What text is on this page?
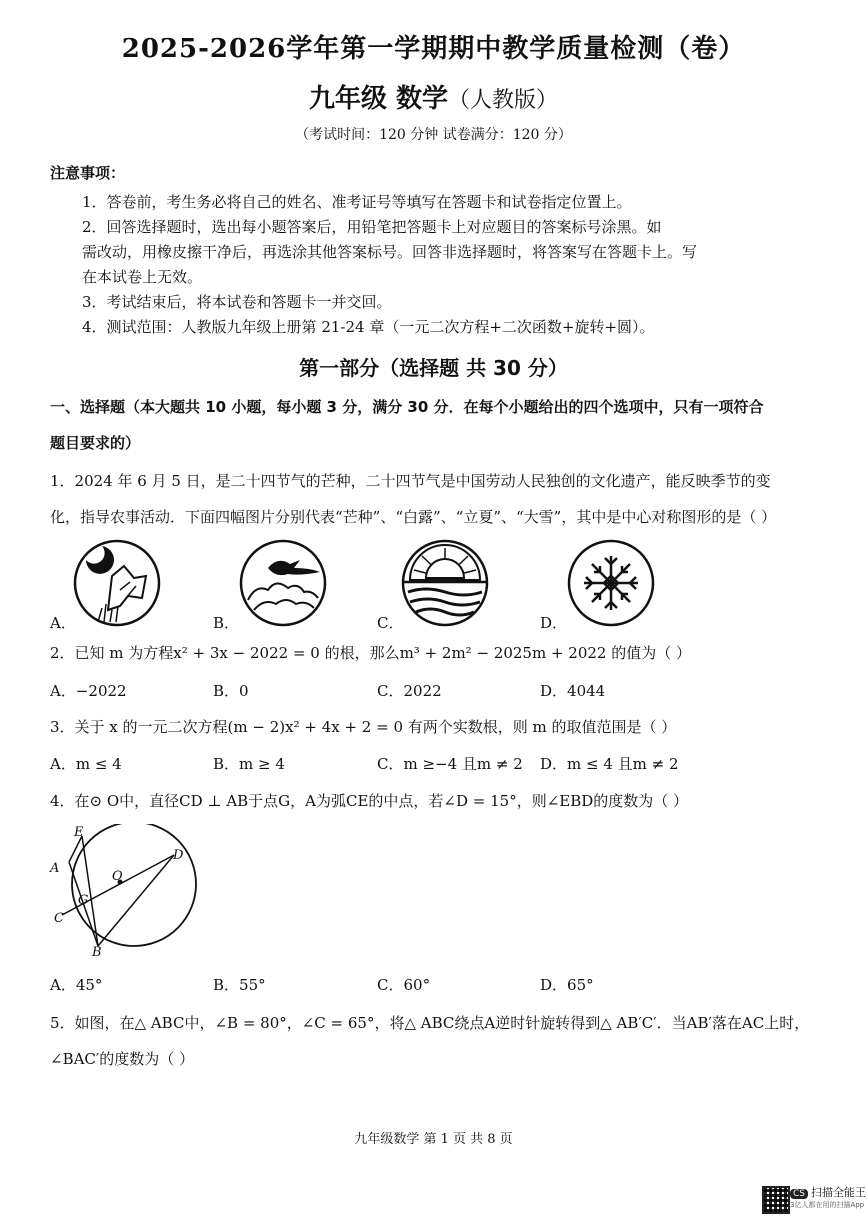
2025-2026学年第一学期期中教学质量检测（卷）
九年级 数学（人教版）
（考试时间：120 分钟 试卷满分：120 分）
注意事项：
1．答卷前，考生务必将自己的姓名、准考证号等填写在答题卡和试卷指定位置上。
2．回答选择题时，选出每小题答案后，用铅笔把答题卡上对应题目的答案标号涂黑。如
需改动，用橡皮擦干净后，再选涂其他答案标号。回答非选择题时，将答案写在答题卡上。写
在本试卷上无效。
3．考试结束后，将本试卷和答题卡一并交回。
4．测试范围：人教版九年级上册第 21-24 章（一元二次方程+二次函数+旋转+圆）。
第一部分（选择题 共 30 分）
一、选择题（本大题共 10 小题，每小题 3 分，满分 30 分．在每个小题给出的四个选项中，只有一项符合
题目要求的）
1．2024 年 6 月 5 日，是二十四节气的芒种，二十四节气是中国劳动人民独创的文化遗产，能反映季节的变
化，指导农事活动．下面四幅图片分别代表“芒种”、“白露”、“立夏”、“大雪”，其中是中心对称图形的是（ ）
A．	B．	C．	D．
2．已知 m 为方程x² + 3x − 2022 = 0 的根，那么m³ + 2m² − 2025m + 2022 的值为（ ）
A．−2022	B．0	C．2022	D．4044
3．关于 x 的一元二次方程(m − 2)x² + 4x + 2 = 0 有两个实数根，则 m 的取值范围是（ ）
A．m ≤ 4	B．m ≥ 4	C．m ≥−4 且m ≠ 2 D．m ≤ 4 且m ≠ 2
4．在⊙ O中，直径CD ⊥ AB于点G，A为弧CE的中点，若∠D = 15°，则∠EBD的度数为（ ）
E
A
O
D
G
C
B
A．45°	B．55°	C．60°	D．65°
5．如图，在△ ABC中，∠B = 80°，∠C = 65°，将△ ABC绕点A逆时针旋转得到△ AB′C′．当AB′落在AC上时，
∠BAC′的度数为（ ）
九年级数学 第 1 页 共 8 页
CS 扫描全能王
3亿人都在用的扫描App
